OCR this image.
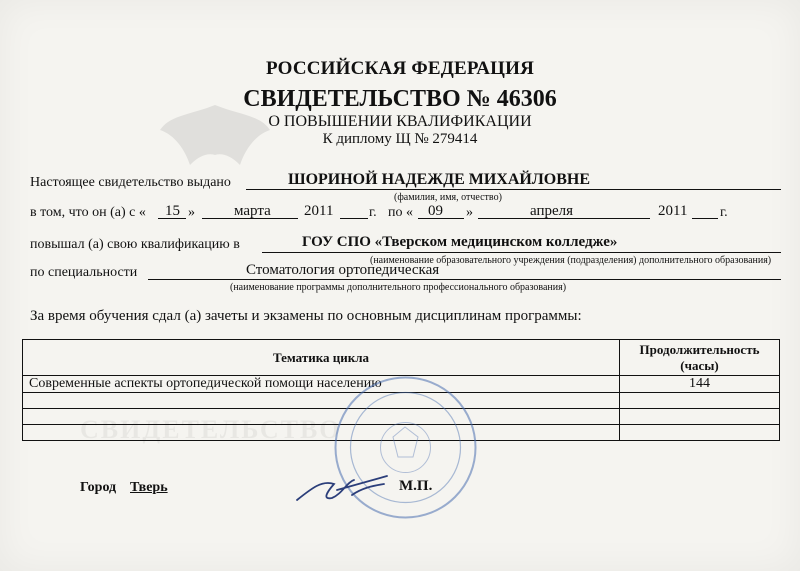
СВИДЕТЕЛЬСТВО
РОССИЙСКАЯ ФЕДЕРАЦИЯ
СВИДЕТЕЛЬСТВО № 46306
О ПОВЫШЕНИИ КВАЛИФИКАЦИИ
К диплому Щ № 279414
Настоящее свидетельство выдано	ШОРИНОЙ НАДЕЖДЕ МИХАЙЛОВНЕ
(фамилия, имя, отчество)
в том, что он (а) с « 15 »	марта 2011	г. по « 09 »	апреля	2011 г.
повышал (а) свою квалификацию в	ГОУ СПО «Тверском медицинском колледже»
(наименование образовательного учреждения (подразделения) дополнительного образования)
по специальности	Стоматология ортопедическая
(наименование программы дополнительного профессионального образования)
За время обучения сдал (а) зачеты и экзамены по основным дисциплинам программы:
Тематика цикла	Продолжительность
(часы)
Современные аспекты ортопедической помощи населению	144

Город Тверь	М.П.
